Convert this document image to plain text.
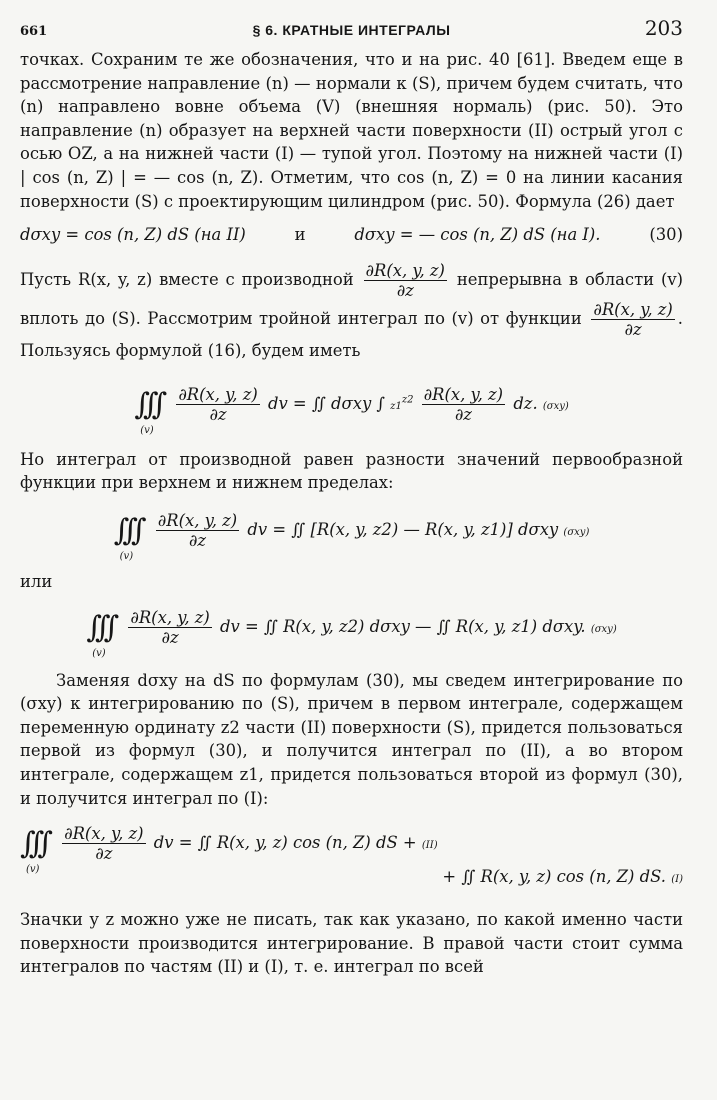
661	§ 6. КРАТНЫЕ ИНТЕГРАЛЫ	203

точках. Сохраним те же обозначения, что и на рис. 40 [61]. Введем еще в рассмотрение направление (n) — нормали к (S), причем будем считать, что (n) направлено вовне объема (V) (внешняя нормаль) (рис. 50). Это направление (n) образует на верхней части поверхности (II) острый угол с осью OZ, а на нижней части (I) — тупой угол. Поэтому на нижней части (I) | cos (n, Z) | = — cos (n, Z). Отметим, что cos (n, Z) = 0 на линии касания поверхности (S) с проектирующим цилиндром (рис. 50). Формула (26) дает

dσxy = cos (n, Z) dS (на II)	и	dσxy = — cos (n, Z) dS (на I).	(30)

Пусть R(x, y, z) вместе с производной $\frac{\partial R(x, y, z)}{\partial z}$ непрерывна в области (v) вплоть до (S). Рассмотрим тройной интеграл по (v) от функции $\frac{\partial R(x, y, z)}{\partial z}$ . Пользуясь формулой (16), будем иметь

∫∫∫
(v)

$\frac{\partial R(x, y, z)}{\partial z}$ dv = ∬ dσxy ∫ $z1^{z2} \frac{\partial R(x, y, z)}{\partial z}$ dz. (σxy)

Но интеграл от производной равен разности значений первообразной функции при верхнем и нижнем пределах:

∫∫∫
(v)

$\frac{\partial R(x, y, z)}{\partial z}$ dv = ∬ [R(x, y, z2) — R(x, y, z1)] dσxy (σxy)

или

∫∫∫
(v)

$\frac{\partial R(x, y, z)}{\partial z}$ dv = ∬ R(x, y, z2) dσxy — ∬ R(x, y, z1) dσxy. (σxy)

Заменяя dσxy на dS по формулам (30), мы сведем интегрирование по (σxy) к интегрированию по (S), причем в первом интеграле, содержащем переменную ординату z2 части (II) поверхности (S), придется пользоваться первой из формул (30), и получится интеграл по (II), а во втором интеграле, содержащем z1, придется пользоваться второй из формул (30), и получится интеграл по (I):

∫∫∫
(v)

$\frac{\partial R(x, y, z)}{\partial z}$ dv = ∬ R(x, y, z) cos (n, Z) dS + (II)
+ ∬ R(x, y, z) cos (n, Z) dS. (I)

Значки у z можно уже не писать, так как указано, по какой именно части поверхности производится интегрирование. В правой части стоит сумма интегралов по частям (II) и (I), т. е. интеграл по всей
